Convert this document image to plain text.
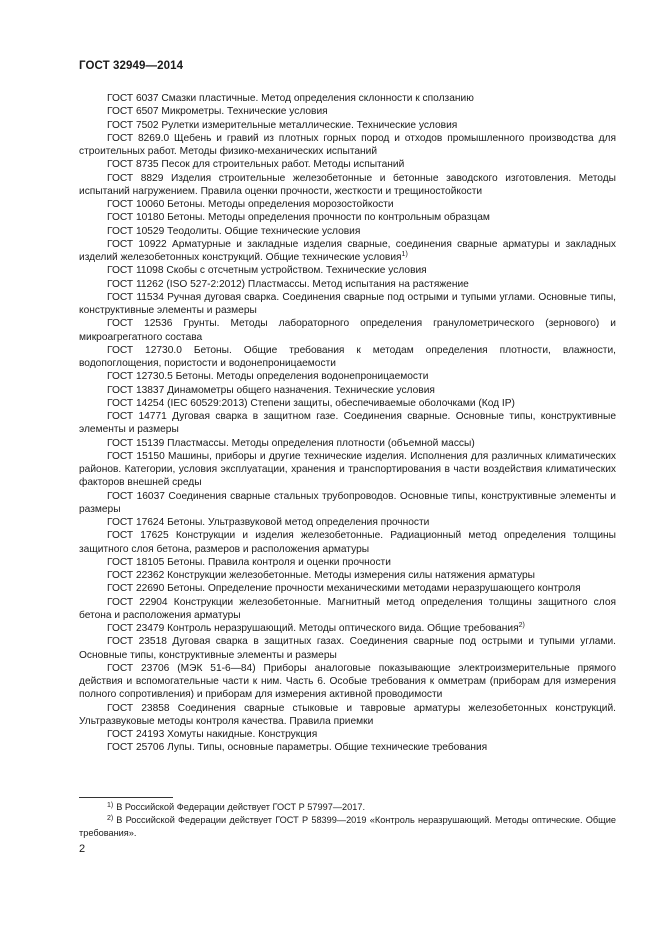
ГОСТ 32949—2014
ГОСТ 6037 Смазки пластичные. Метод определения склонности к сползанию
ГОСТ 6507 Микрометры. Технические условия
ГОСТ 7502 Рулетки измерительные металлические. Технические условия
ГОСТ 8269.0 Щебень и гравий из плотных горных пород и отходов промышленного производства для строительных работ. Методы физико-механических испытаний
ГОСТ 8735 Песок для строительных работ. Методы испытаний
ГОСТ 8829 Изделия строительные железобетонные и бетонные заводского изготовления. Методы испытаний нагружением. Правила оценки прочности, жесткости и трещиностойкости
ГОСТ 10060 Бетоны. Методы определения морозостойкости
ГОСТ 10180 Бетоны. Методы определения прочности по контрольным образцам
ГОСТ 10529 Теодолиты. Общие технические условия
ГОСТ 10922 Арматурные и закладные изделия сварные, соединения сварные арматуры и закладных изделий железобетонных конструкций. Общие технические условия$^{1)}$
ГОСТ 11098 Скобы с отсчетным устройством. Технические условия
ГОСТ 11262 (ISO 527-2:2012) Пластмассы. Метод испытания на растяжение
ГОСТ 11534 Ручная дуговая сварка. Соединения сварные под острыми и тупыми углами. Основные типы, конструктивные элементы и размеры
ГОСТ 12536 Грунты. Методы лабораторного определения гранулометрического (зернового) и микроагрегатного состава
ГОСТ 12730.0 Бетоны. Общие требования к методам определения плотности, влажности, водопоглощения, пористости и водонепроницаемости
ГОСТ 12730.5 Бетоны. Методы определения водонепроницаемости
ГОСТ 13837 Динамометры общего назначения. Технические условия
ГОСТ 14254 (IEC 60529:2013) Степени защиты, обеспечиваемые оболочками (Код IP)
ГОСТ 14771 Дуговая сварка в защитном газе. Соединения сварные. Основные типы, конструктивные элементы и размеры
ГОСТ 15139 Пластмассы. Методы определения плотности (объемной массы)
ГОСТ 15150 Машины, приборы и другие технические изделия. Исполнения для различных климатических районов. Категории, условия эксплуатации, хранения и транспортирования в части воздействия климатических факторов внешней среды
ГОСТ 16037 Соединения сварные стальных трубопроводов. Основные типы, конструктивные элементы и размеры
ГОСТ 17624 Бетоны. Ультразвуковой метод определения прочности
ГОСТ 17625 Конструкции и изделия железобетонные. Радиационный метод определения толщины защитного слоя бетона, размеров и расположения арматуры
ГОСТ 18105 Бетоны. Правила контроля и оценки прочности
ГОСТ 22362 Конструкции железобетонные. Методы измерения силы натяжения арматуры
ГОСТ 22690 Бетоны. Определение прочности механическими методами неразрушающего контроля
ГОСТ 22904 Конструкции железобетонные. Магнитный метод определения толщины защитного слоя бетона и расположения арматуры
ГОСТ 23479 Контроль неразрушающий. Методы оптического вида. Общие требования$^{2)}$
ГОСТ 23518 Дуговая сварка в защитных газах. Соединения сварные под острыми и тупыми углами. Основные типы, конструктивные элементы и размеры
ГОСТ 23706 (МЭК 51-6—84) Приборы аналоговые показывающие электроизмерительные прямого действия и вспомогательные части к ним. Часть 6. Особые требования к омметрам (приборам для измерения полного сопротивления) и приборам для измерения активной проводимости
ГОСТ 23858 Соединения сварные стыковые и тавровые арматуры железобетонных конструкций. Ультразвуковые методы контроля качества. Правила приемки
ГОСТ 24193 Хомуты накидные. Конструкция
ГОСТ 25706 Лупы. Типы, основные параметры. Общие технические требования
$^{1)}$ В Российской Федерации действует ГОСТ Р 57997—2017.
$^{2)}$ В Российской Федерации действует ГОСТ Р 58399—2019 «Контроль неразрушающий. Методы оптические. Общие требования».
2
